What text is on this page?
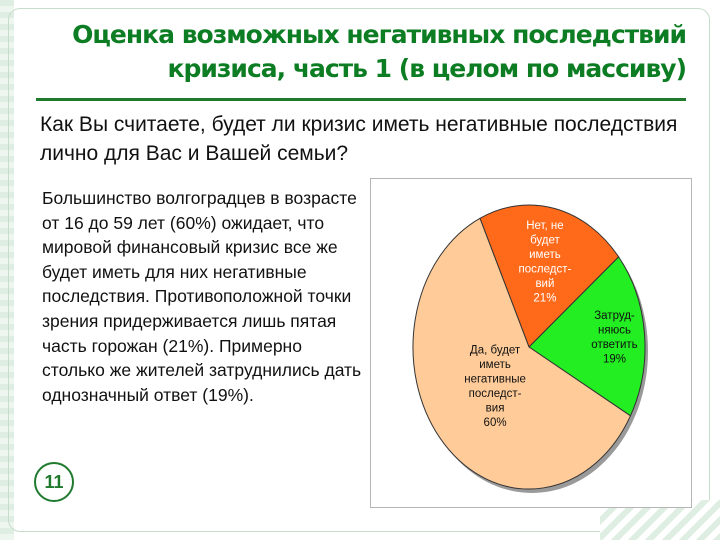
Оценка возможных негативных последствий
кризиса, часть 1 (в целом по массиву)
Как Вы считаете, будет ли кризис иметь негативные последствия лично для Вас и Вашей семьи?
Большинство волгоградцев в возрасте от 16 до 59 лет (60%) ожидает, что мировой финансовый кризис все же будет иметь для них негативные последствия. Противоположной точки зрения придерживается лишь пятая часть горожан (21%). Примерно столько же жителей затруднились дать однозначный ответ (19%).
11
Нет, не будет иметь последст-вий 21%
Затруд-няюсь ответить 19%
Да, будет иметь негативные последст-вия 60%
